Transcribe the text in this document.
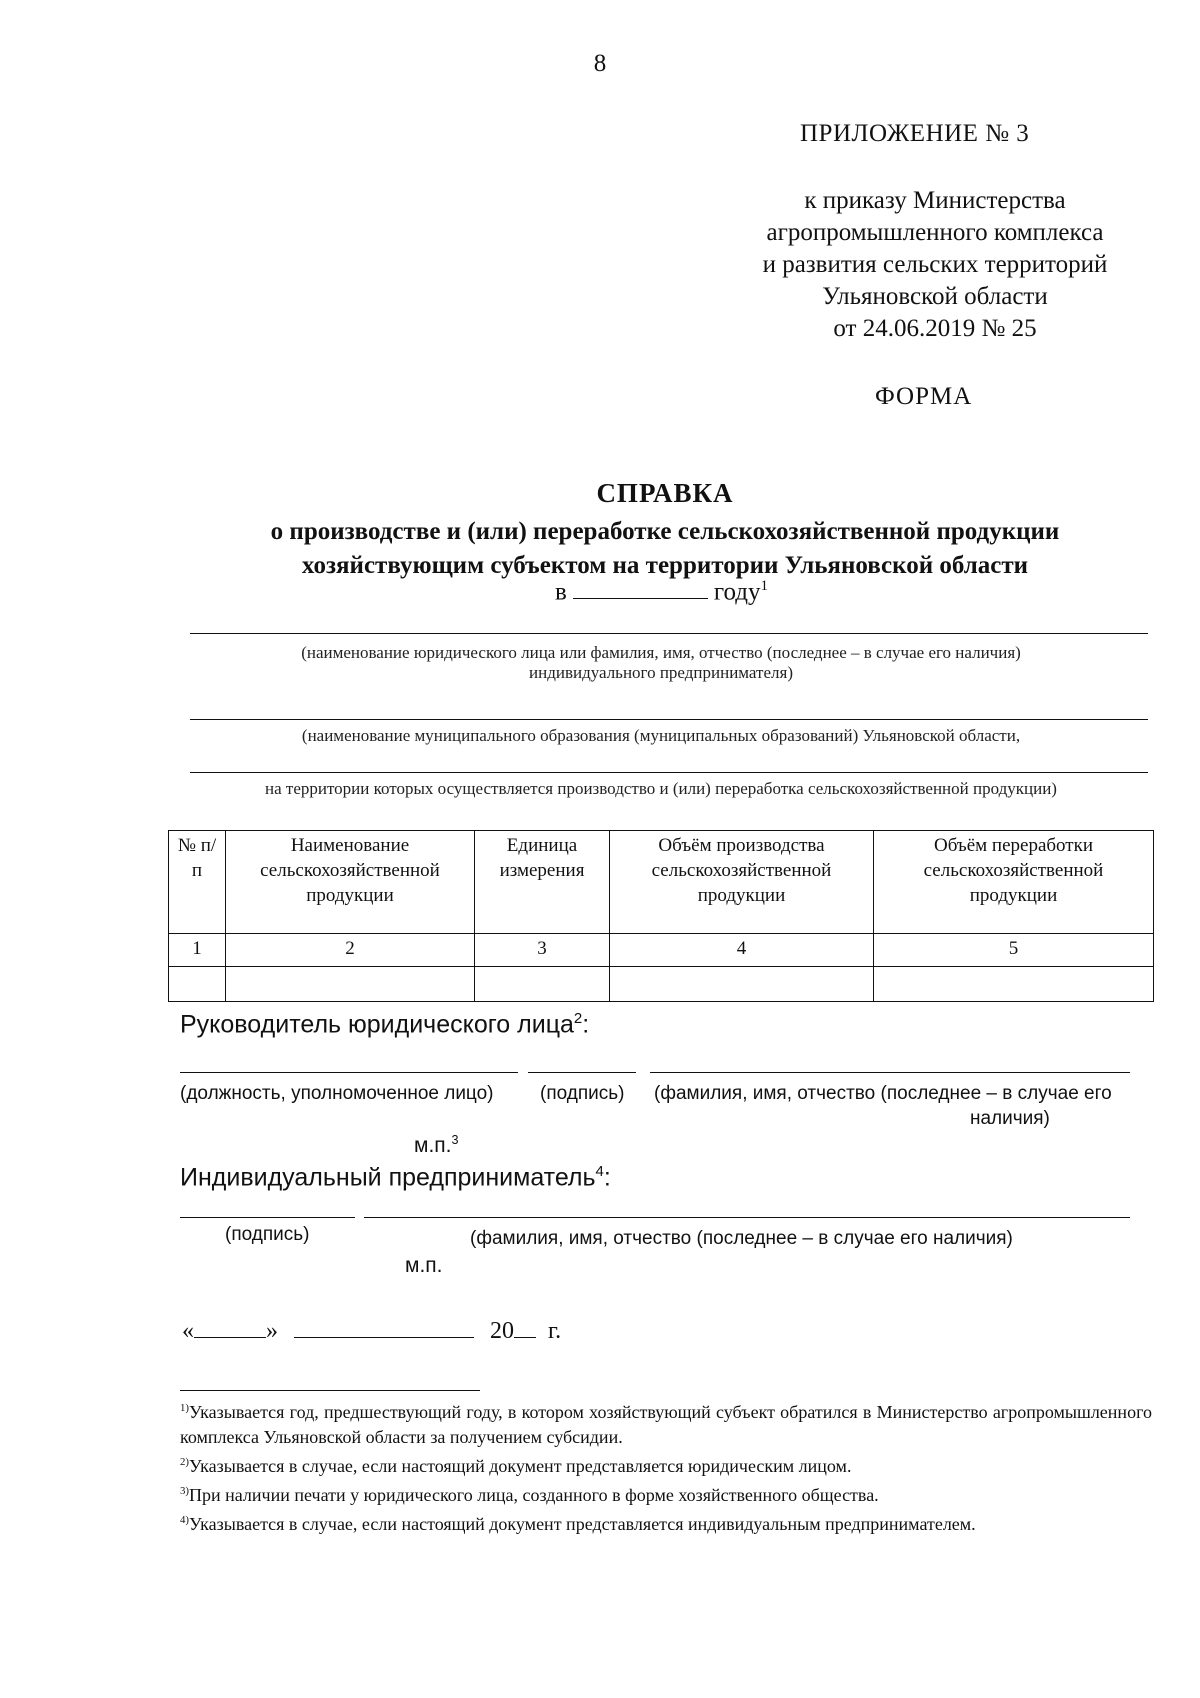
8
ПРИЛОЖЕНИЕ № 3
к приказу Министерства
агропромышленного комплекса
и развития сельских территорий
Ульяновской области
от 24.06.2019 № 25
ФОРМА
СПРАВКА
о производстве и (или) переработке сельскохозяйственной продукции
хозяйствующим субъектом на территории Ульяновской области
в	году$^1$
(наименование юридического лица или фамилия, имя, отчество (последнее – в случае его наличия)
индивидуального предпринимателя)
(наименование муниципального образования (муниципальных образований) Ульяновской области,
на территории которых осуществляется производство и (или) переработка сельскохозяйственной продукции)
№ п/п	Наименование сельскохозяйственной продукции	Единица измерения	Объём производства сельскохозяйственной продукции	Объём переработки сельскохозяйственной продукции
1	2	3	4	5

Руководитель юридического лица$^2$:
(должность, уполномоченное лицо) (подпись) (фамилия, имя, отчество (последнее – в случае его
наличия)
м.п.$^3$
Индивидуальный предприниматель$^4$:
(подпись)	(фамилия, имя, отчество (последнее – в случае его наличия)
м.п.
«	»	20 г.
$^{1)}$Указывается год, предшествующий году, в котором хозяйствующий субъект обратился в Министерство агропромышленного комплекса Ульяновской области за получением субсидии.
$^{2)}$Указывается в случае, если настоящий документ представляется юридическим лицом.
$^{3)}$При наличии печати у юридического лица, созданного в форме хозяйственного общества.
$^{4)}$Указывается в случае, если настоящий документ представляется индивидуальным предпринимателем.
